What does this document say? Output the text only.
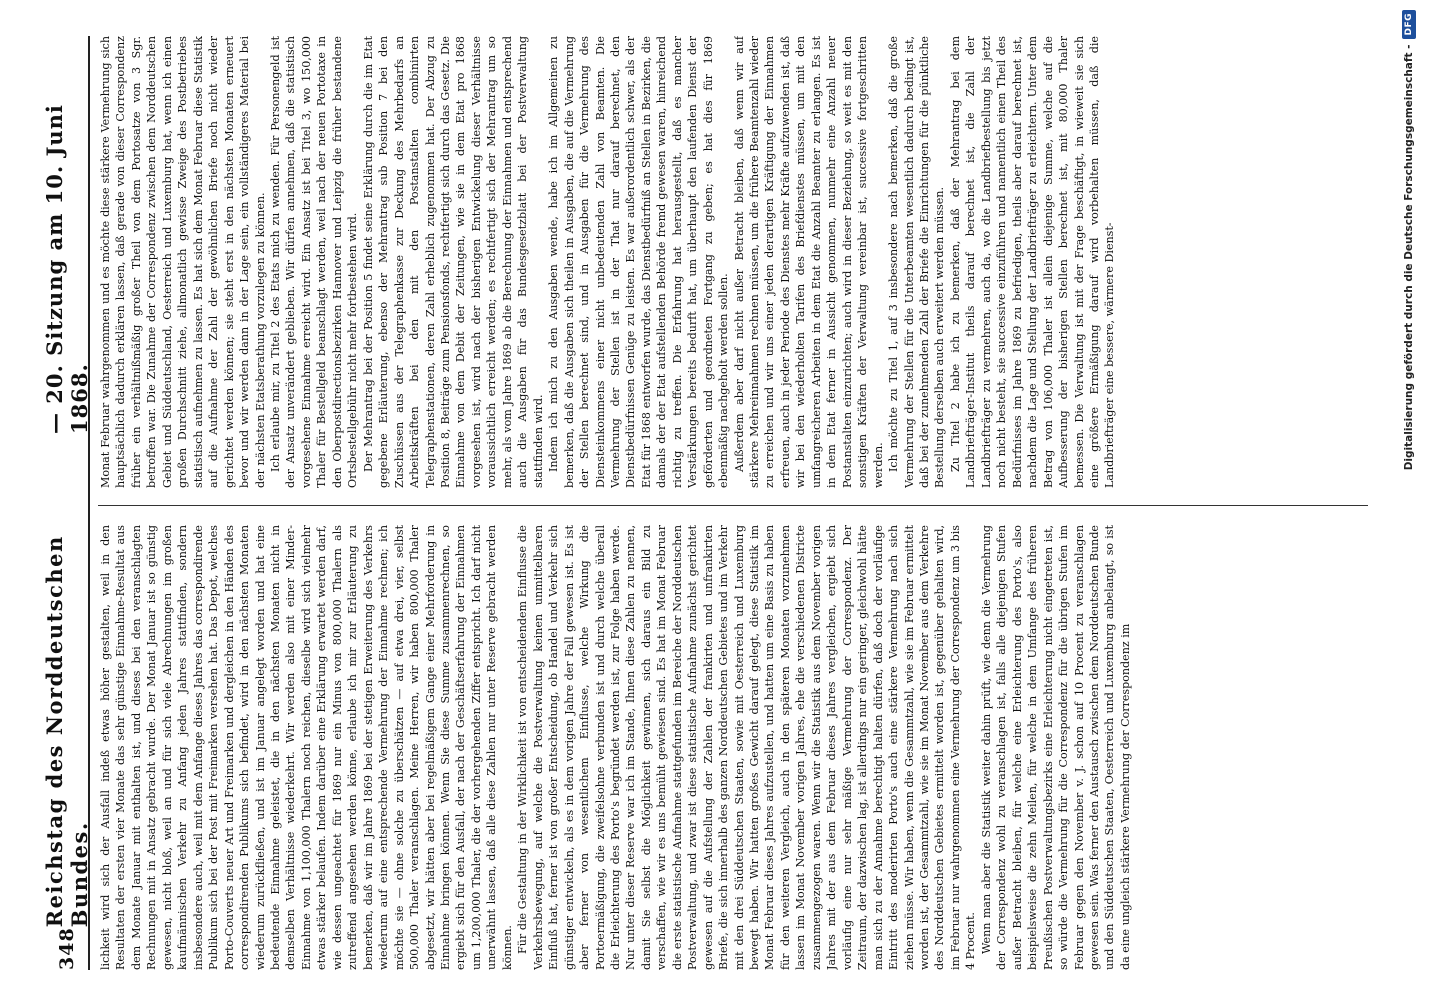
348
Reichstag des Norddeutschen Bundes.
— 20. Sitzung am 10. Juni 1868.

lichkeit wird sich der Ausfall indeß etwas höher gestalten, weil in den Resultaten der ersten vier Monate das sehr günstige Einnahme-Resultat aus dem Monate Januar mit enthalten ist, und dieses bei den veranschlagten Rechnungen mit in Ansatz gebracht wurde. Der Monat Januar ist so günstig gewesen, nicht bloß, weil an und für sich viele Abrechnungen im großen kaufmännischen Verkehr zu Anfang jeden Jahres stattfinden, sondern insbesondere auch, weil mit dem Anfange dieses Jahres das correspondirende Publikum sich bei der Post mit Freimarken versehen hat. Das Depot, welches Porto-Couverts neuer Art und Freimarken und dergleichen in den Händen des correspondirenden Publikums sich befindet, wird in den nächsten Monaten wiederum zurückfließen, und ist im Januar angelegt worden und hat eine bedeutende Einnahme geleistet, die in den nächsten Monaten nicht in demselben Verhältnisse wiederkehrt. Wir werden also mit einer Minder-Einnahme von 1,100,000 Thalern noch reichen, dieselbe wird sich vielmehr etwas stärker belaufen. Indem darüber eine Erklärung erwartet werden darf, wie dessen ungeachtet für 1869 nur ein Minus von 800,000 Thalern als zutreffend angesehen werden könne, erlaube ich mir zur Erläuterung zu bemerken, daß wir im Jahre 1869 bei der stetigen Erweiterung des Verkehrs wiederum auf eine entsprechende Vermehrung der Einnahme rechnen; ich möchte sie — ohne solche zu überschätzen — auf etwa drei, vier, selbst 500,000 Thaler veranschlagen. Meine Herren, wir haben 800,000 Thaler abgesetzt, wir hätten aber bei regelmäßigem Gange einer Mehrforderung in Einnahme bringen können. Wenn Sie diese Summe zusammenrechnen, so ergiebt sich für den Ausfall, der nach der Geschäftserfahrung der Einnahmen um 1,200,000 Thaler, die der vorhergehenden Ziffer entspricht. Ich darf nicht unerwähnt lassen, daß alle diese Zahlen nur unter Reserve gebracht werden können. Für die Gestaltung in der Wirklichkeit ist von entscheidendem Einflusse die Verkehrsbewegung, auf welche die Postverwaltung keinen unmittelbaren Einfluß hat, ferner ist von großer Entscheidung, ob Handel und Verkehr sich günstiger entwickeln, als es in dem vorigen Jahre der Fall gewesen ist. Es ist aber ferner von wesentlichem Einflusse, welche Wirkung die Portoermäßigung, die zweifelsohne verbunden ist und durch welche überall die Erleichterung des Porto's begründet werden ist, zur Folge haben werde. Nur unter dieser Reserve war ich im Stande, Ihnen diese Zahlen zu nennen, damit Sie selbst die Möglichkeit gewinnen, sich daraus ein Bild zu verschaffen, wie wir es uns bemüht gewiesen sind. Es hat im Monat Februar die erste statistische Aufnahme stattgefunden im Bereiche der Norddeutschen Postverwaltung, und zwar ist diese statistische Aufnahme zunächst gerichtet gewesen auf die Aufstellung der Zahlen der frankirten und unfrankirten Briefe, die sich innerhalb des ganzen Norddeutschen Gebietes und im Verkehr mit den drei Süddeutschen Staaten, sowie mit Oesterreich und Luxemburg bewegt haben. Wir hatten großes Gewicht darauf gelegt, diese Statistik im Monat Februar dieses Jahres aufzustellen, und hatten um eine Basis zu haben für den weiteren Vergleich, auch in den späteren Monaten vorzunehmen lassen im Monat November vorigen Jahres, ehe die verschiedenen Districte zusammengezogen waren. Wenn wir die Statistik aus dem November vorigen Jahres mit der aus dem Februar dieses Jahres vergleichen, ergiebt sich vorläufig eine nur sehr mäßige Vermehrung der Correspondenz. Der Zeitraum, der dazwischen lag, ist allerdings nur ein geringer, gleichwohl hätte man sich zu der Annahme berechtigt halten dürfen, daß doch der vorläufige Eintritt des moderirten Porto's auch eine stärkere Vermehrung nach sich ziehen müsse. Wir haben, wenn die Gesammtzahl, wie sie im Februar ermittelt worden ist, der Gesammtzahl, wie sie im Monat November aus dem Verkehre des Norddeutschen Gebietes ermittelt worden ist, gegenüber gehalten wird, im Februar nur wahrgenommen eine Vermehrung der Correspondenz um 3 bis 4 Procent. Wenn man aber die Statistik weiter dahin prüft, wie denn die Vermehrung der Correspondenz wohl zu veranschlagen ist, falls alle diejenigen Stufen außer Betracht bleiben, für welche eine Erleichterung des Porto's, also beispielsweise die zehn Meilen, für welche in dem Umfange des früheren Preußischen Postverwaltungsbezirks eine Erleichterung nicht eingetreten ist, so würde die Vermehrung für die Correspondenz für die übrigen Stufen im Februar gegen den November v. J. schon auf 10 Procent zu veranschlagen gewesen sein. Was ferner den Austausch zwischen dem Norddeutschen Bunde und den Süddeutschen Staaten, Oesterreich und Luxemburg anbelangt, so ist da eine ungleich stärkere Vermehrung der Correspondenz im

Monat Februar wahrgenommen und es möchte diese stärkere Vermehrung sich hauptsächlich dadurch erklären lassen, daß gerade von dieser Correspondenz früher ein verhältnißmäßig großer Theil von dem Portosatze von 3 Sgr. betroffen war. Die Zunahme der Correspondenz zwischen dem Norddeutschen Gebiet und Süddeutschland, Oesterreich und Luxemburg hat, wenn ich einen großen Durchschnitt ziehe, allmonatlich gewisse Zweige des Postbetriebes statistisch aufnehmen zu lassen. Es hat sich dem Monat Februar diese Statistik auf die Aufnahme der Zahl der gewöhnlichen Briefe noch nicht wieder gerichtet werden können; sie steht erst in den nächsten Monaten erneuert bevor und wir werden dann in der Lage sein, ein vollständigeres Material bei der nächsten Etatsberathung vorzulegen zu können. Ich erlaube mir, zu Titel 2 des Etats mich zu wenden. Für Personengeld ist der Ansatz unverändert geblieben. Wir dürfen annehmen, daß die statistisch vorgesehene Einnahme erreicht wird. Ein Ansatz ist bei Titel 3, wo 150,000 Thaler für Bestellgeld beanschlagt werden, weil nach der neuen Portotaxe in den Oberpostdirectionsbezirken Hannover und Leipzig die früher bestandene Ortsbestellgebühr nicht mehr fortbestehen wird. Der Mehrantrag bei der Position 5 findet seine Erklärung durch die im Etat gegebene Erläuterung, ebenso der Mehrantrag sub Position 7 bei den Zuschüssen aus der Telegraphenkasse zur Deckung des Mehrbedarfs an Arbeitskräften bei den mit den Postanstalten combinirten Telegraphenstationen, deren Zahl erheblich zugenommen hat. Der Abzug zu Position 8, Beiträge zum Pensionsfonds, rechtfertigt sich durch das Gesetz. Die Einnahme von dem Debit der Zeitungen, wie sie in dem Etat pro 1868 vorgesehen ist, wird nach der bisherigen Entwickelung dieser Verhältnisse voraussichtlich erreicht werden; es rechtfertigt sich der Mehrantrag um so mehr, als vom Jahre 1869 ab die Berechnung der Einnahmen und entsprechend auch die Ausgaben für das Bundesgesetzblatt bei der Postverwaltung stattfinden wird. Indem ich mich zu den Ausgaben wende, habe ich im Allgemeinen zu bemerken, daß die Ausgaben sich theilen in Ausgaben, die auf die Vermehrung der Stellen berechnet sind, und in Ausgaben für die Vermehrung des Diensteinkommens einer nicht unbedeutenden Zahl von Beamten. Die Vermehrung der Stellen ist in der That nur darauf berechnet, den Dienstbedürfnissen Genüge zu leisten. Es war außerordentlich schwer, als der Etat für 1868 entworfen wurde, das Dienstbedürfniß an Stellen in Bezirken, die damals der der Etat aufstellenden Behörde fremd gewesen waren, hinreichend richtig zu treffen. Die Erfahrung hat herausgestellt, daß es mancher Verstärkungen bereits bedurft hat, um überhaupt den laufenden Dienst der geförderten und geordneten Fortgang zu geben; es hat dies für 1869 ebenmäßig nachgeholt werden sollen. Außerdem aber darf nicht außer Betracht bleiben, daß wenn wir auf stärkere Mehreinnahmen rechnen müssen, um die frühere Beamtenzahl wieder zu erreichen und wir uns einer jeden derartigen Kräftigung der Einnahmen erfreuen, auch in jeder Periode des Dienstes mehr Kräfte aufzuwenden ist, daß wir bei den wiederholten Tarifen des Briefdienstes müssen, um mit den umfangreicheren Arbeiten in dem Etat die Anzahl Beamter zu erlangen. Es ist in dem Etat ferner in Aussicht genommen, nunmehr eine Anzahl neuer Postanstalten einzurichten; auch wird in dieser Beziehung, so weit es mit den sonstigen Kräften der Verwaltung vereinbar ist, successive fortgeschritten werden. Ich möchte zu Titel 1, auf 3 insbesondere nach bemerken, daß die große Vermehrung der Stellen für die Unterbeamten wesentlich dadurch bedingt ist, daß bei der zunehmenden Zahl der Briefe die Einrichtungen für die pünktliche Bestellung derselben auch erweitert werden müssen. Zu Titel 2 habe ich zu bemerken, daß der Mehrantrag bei dem Landbriefträger-Institut theils darauf berechnet ist, die Zahl der Landbriefträger zu vermehren, auch da, wo die Landbriefbestellung bis jetzt noch nicht besteht, sie successive einzuführen und namentlich einen Theil des Bedürfnisses im Jahre 1869 zu befriedigen, theils aber darauf berechnet ist, nachdem die Lage und Stellung der Landbriefträger zu erleichtern. Unter dem Betrag von 106,000 Thaler ist allein diejenige Summe, welche auf die Aufbesserung der bisherigen Stellen berechnet ist, mit 80,000 Thaler bemessen. Die Verwaltung ist mit der Frage beschäftigt, in wieweit sie sich eine größere Ermäßigung darauf wird vorbehalten müssen, daß die Landbriefträger eine bessere, wärmere Dienst-	Digitalisierung gefördert durch die Deutsche Forschungsgemeinschaft -
DFG
